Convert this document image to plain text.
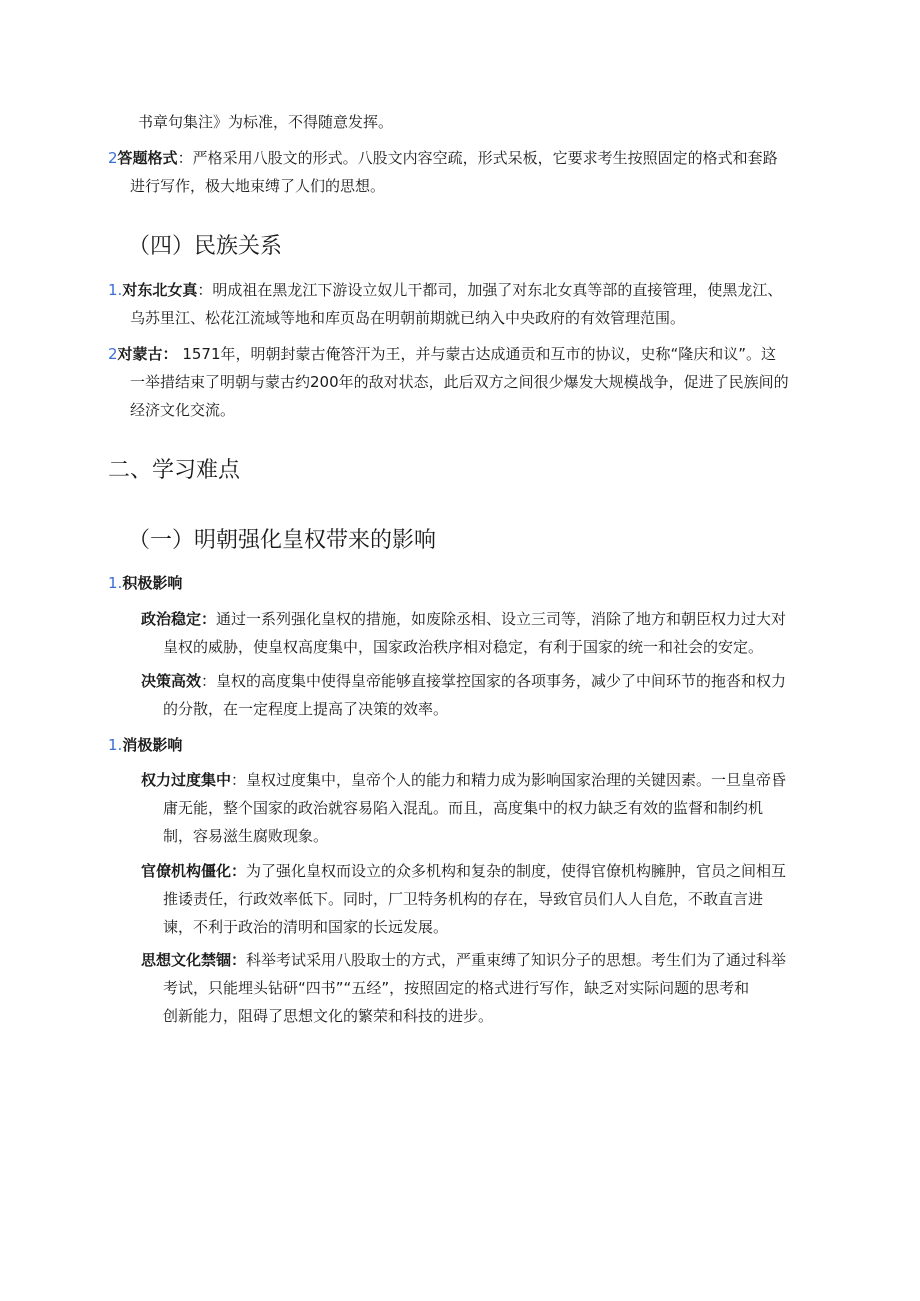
书章句集注》为标准，不得随意发挥。

2答题格式：严格采用八股文的形式。八股文内容空疏，形式呆板，它要求考生按照固定的格式和套路
进行写作，极大地束缚了人们的思想。

（四）民族关系

1.对东北女真：明成祖在黑龙江下游设立奴儿干都司，加强了对东北女真等部的直接管理，使黑龙江、
乌苏里江、松花江流域等地和库页岛在明朝前期就已纳入中央政府的有效管理范围。

2对蒙古： 1571年，明朝封蒙古俺答汗为王，并与蒙古达成通贡和互市的协议，史称“隆庆和议”。这
一举措结束了明朝与蒙古约200年的敌对状态，此后双方之间很少爆发大规模战争，促进了民族间的
经济文化交流。

二、学习难点
（一）明朝强化皇权带来的影响

1.积极影响

政治稳定：通过一系列强化皇权的措施，如废除丞相、设立三司等，消除了地方和朝臣权力过大对
皇权的威胁，使皇权高度集中，国家政治秩序相对稳定，有利于国家的统一和社会的安定。

决策高效：皇权的高度集中使得皇帝能够直接掌控国家的各项事务，减少了中间环节的拖沓和权力
的分散，在一定程度上提高了决策的效率。

1.消极影响

权力过度集中：皇权过度集中，皇帝个人的能力和精力成为影响国家治理的关键因素。一旦皇帝昏
庸无能，整个国家的政治就容易陷入混乱。而且，高度集中的权力缺乏有效的监督和制约机
制，容易滋生腐败现象。

官僚机构僵化：为了强化皇权而设立的众多机构和复杂的制度，使得官僚机构臃肿，官员之间相互
推诿责任，行政效率低下。同时，厂卫特务机构的存在，导致官员们人人自危，不敢直言进
谏，不利于政治的清明和国家的长远发展。

思想文化禁锢：科举考试采用八股取士的方式，严重束缚了知识分子的思想。考生们为了通过科举
考试，只能埋头钻研“四书”“五经”，按照固定的格式进行写作，缺乏对实际问题的思考和
创新能力，阻碍了思想文化的繁荣和科技的进步。
